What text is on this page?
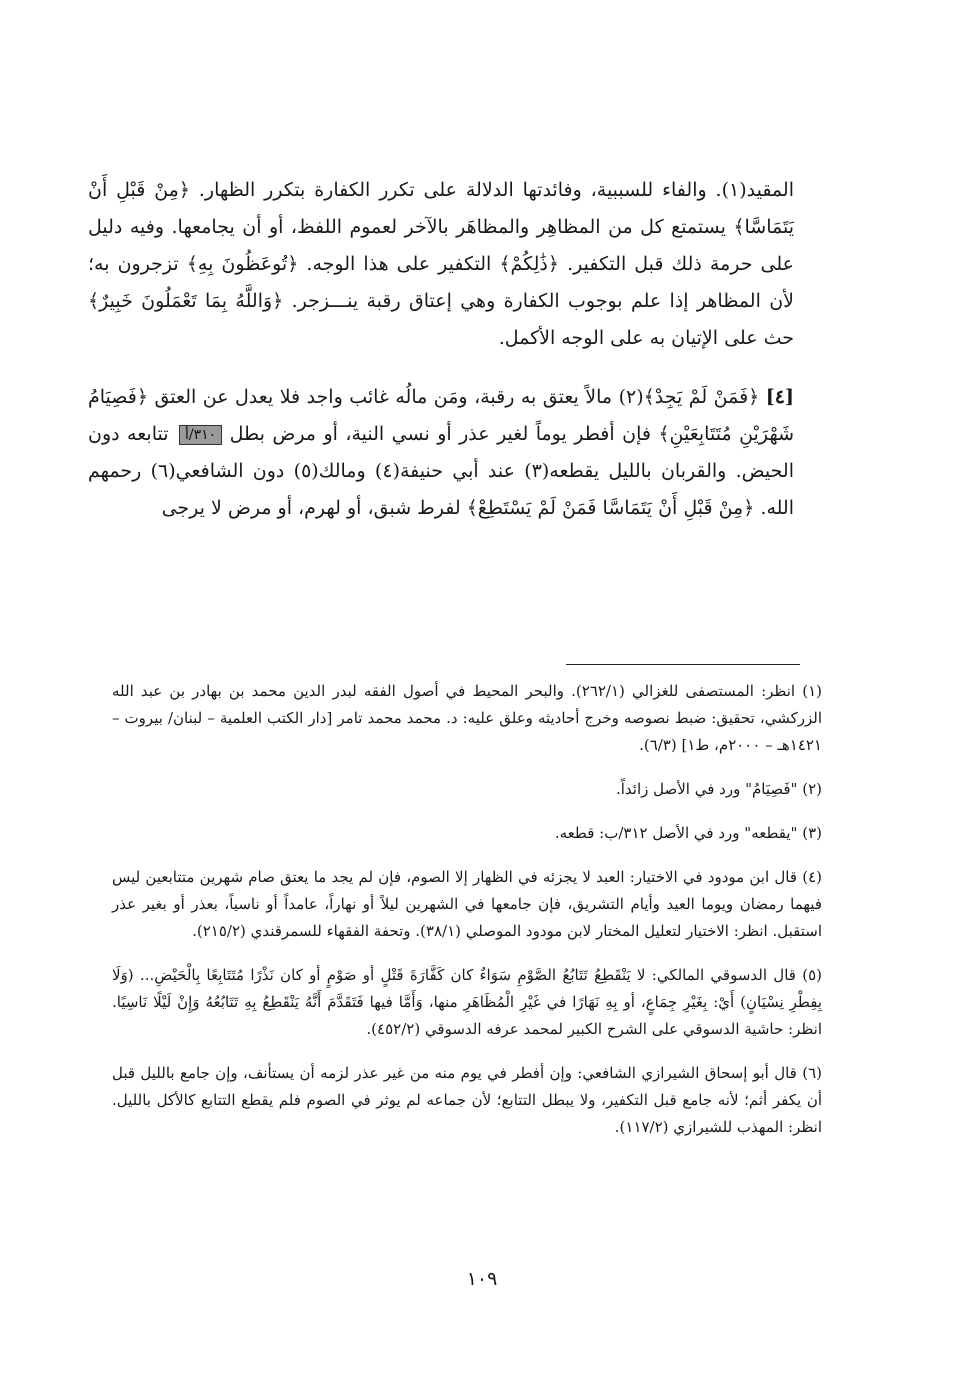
المقيد(١). والفاء للسببية، وفائدتها الدلالة على تكرر الكفارة بتكرر الظهار. ﴿مِنْ قَبْلِ أَنْ يَتَمَاسَّا﴾ يستمتع كل من المظاهِر والمظاهَر بالآخر لعموم اللفظ، أو أن يجامعها. وفيه دليل على حرمة ذلك قبل التكفير. ﴿ذَٰلِكُمْ﴾ التكفير على هذا الوجه. ﴿تُوعَظُونَ بِهِ﴾ تزجرون به؛ لأن المظاهر إذا علم بوجوب الكفارة وهي إعتاق رقبة ينـــزجر. ﴿وَاللَّهُ بِمَا تَعْمَلُونَ خَبِيرٌ﴾ حث على الإتيان به على الوجه الأكمل.

[٤] ﴿فَمَنْ لَمْ يَجِدْ﴾(٢) مالاً يعتق به رقبة، ومَن مالُه غائب واجد فلا يعدل عن العتق ﴿فَصِيَامُ شَهْرَيْنِ مُتَتَابِعَيْنِ﴾ فإن أفطر يوماً لغير عذر أو نسي النية، أو مرض بطل ٣١٠/أ تتابعه دون الحيض. والقربان بالليل يقطعه(٣) عند أبي حنيفة(٤) ومالك(٥) دون الشافعي(٦) رحمهم الله. ﴿مِنْ قَبْلِ أَنْ يَتَمَاسَّا فَمَنْ لَمْ يَسْتَطِعْ﴾ لفرط شبق، أو لهرم، أو مرض لا يرجى

(١) انظر: المستصفى للغزالي (٢٦٢/١). والبحر المحيط في أصول الفقه لبدر الدين محمد بن بهادر بن عبد الله الزركشي، تحقيق: ضبط نصوصه وخرج أحاديثه وعلق عليه: د. محمد محمد تامر [دار الكتب العلمية – لبنان/ بيروت – ١٤٢١هـ – ٢٠٠٠م، ط١] (٦/٣).

(٢) "فَصِيَامُ" ورد في الأصل زائداً.

(٣) "يقطعه" ورد في الأصل ٣١٢/ب: قطعه.

(٤) قال ابن مودود في الاختيار: العبد لا يجزئه في الظهار إلا الصوم، فإن لم يجد ما يعتق صام شهرين متتابعين ليس فيهما رمضان ويوما العيد وأيام التشريق، فإن جامعها في الشهرين ليلاً أو نهاراً، عامداً أو ناسياً، بعذر أو بغير عذر استقبل. انظر: الاختيار لتعليل المختار لابن مودود الموصلي (٣٨/١). وتحفة الفقهاء للسمرقندي (٢١٥/٢).

(٥) قال الدسوقي المالكي: لا يَنْقَطِعُ تَتَابُعُ الصَّوْمِ سَوَاءٌ كان كَفَّارَةَ قَتْلٍ أو صَوْمٍ أو كان نَذْرًا مُتَتَابِعًا بِالْحَيْضِ... (وَلَا بِفِطْرِ نِسْيَانٍ) أَيْ: بِغَيْرِ جِمَاعٍ، أو بِهِ نَهَارًا في غَيْرِ الْمُظَاهَرِ منها، وَأَمَّا فيها فَتَقَدَّمَ أَنَّهُ يَنْقَطِعُ بِهِ تَتَابُعُهُ وَإِنْ لَيْلًا نَاسِيًا. انظر: حاشية الدسوقي على الشرح الكبير لمحمد عرفه الدسوقي (٤٥٢/٢).

(٦) قال أبو إسحاق الشيرازي الشافعي: وإن أفطر في يوم منه من غير عذر لزمه أن يستأنف، وإن جامع بالليل قبل أن يكفر أثم؛ لأنه جامع قبل التكفير، ولا يبطل التتابع؛ لأن جماعه لم يوثر في الصوم فلم يقطع التتابع كالأكل بالليل. انظر: المهذب للشيرازي (١١٧/٢).

١٠٩
